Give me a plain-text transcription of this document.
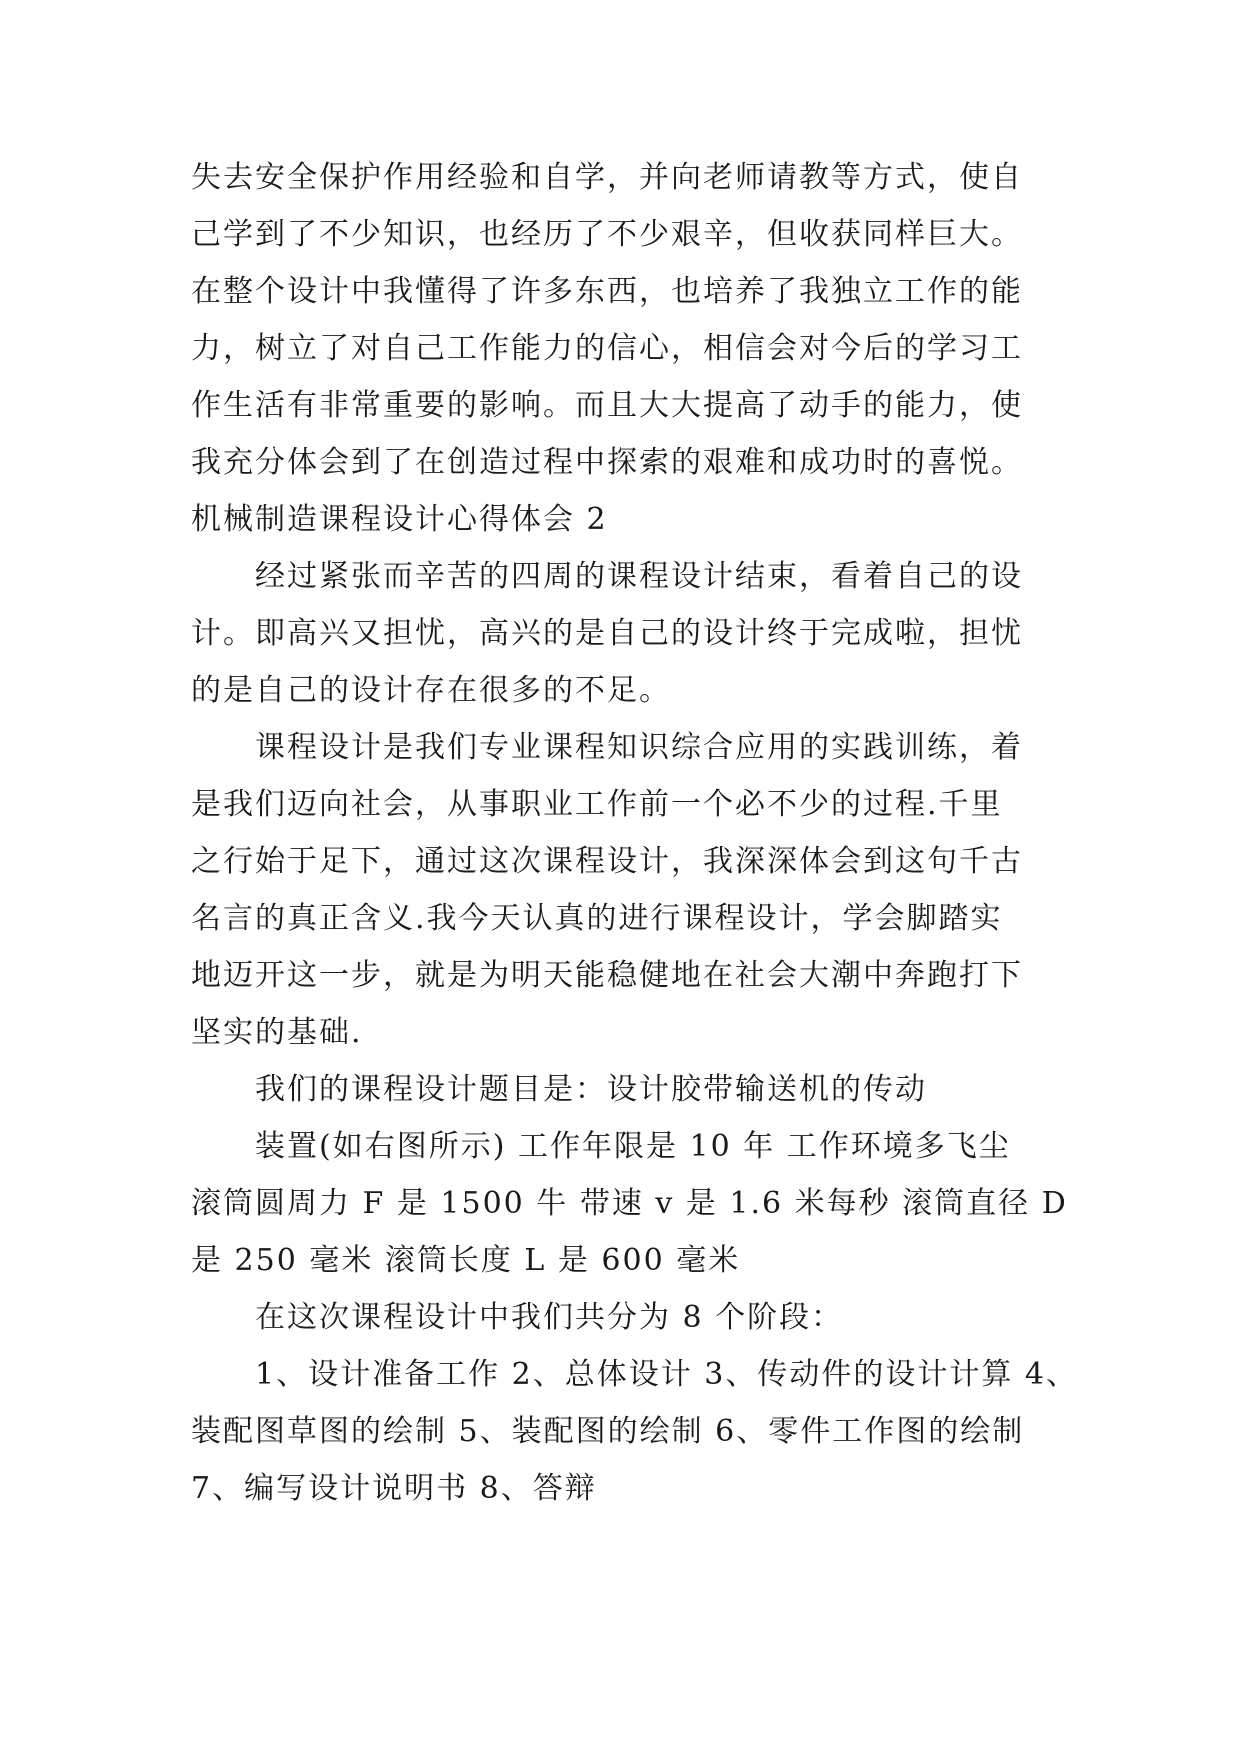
失去安全保护作用经验和自学，并向老师请教等方式，使自
己学到了不少知识，也经历了不少艰辛，但收获同样巨大。
在整个设计中我懂得了许多东西，也培养了我独立工作的能
力，树立了对自己工作能力的信心，相信会对今后的学习工
作生活有非常重要的影响。而且大大提高了动手的能力，使
我充分体会到了在创造过程中探索的艰难和成功时的喜悦。
机械制造课程设计心得体会 2
经过紧张而辛苦的四周的课程设计结束，看着自己的设
计。即高兴又担忧，高兴的是自己的设计终于完成啦，担忧
的是自己的设计存在很多的不足。
课程设计是我们专业课程知识综合应用的实践训练，着
是我们迈向社会，从事职业工作前一个必不少的过程.千里
之行始于足下，通过这次课程设计，我深深体会到这句千古
名言的真正含义.我今天认真的进行课程设计，学会脚踏实
地迈开这一步，就是为明天能稳健地在社会大潮中奔跑打下
坚实的基础.
我们的课程设计题目是：设计胶带输送机的传动
装置(如右图所示) 工作年限是 10 年 工作环境多飞尘
滚筒圆周力 F 是 1500 牛 带速 v 是 1.6 米每秒 滚筒直径 D
是 250 毫米 滚筒长度 L 是 600 毫米
在这次课程设计中我们共分为 8 个阶段：
1、设计准备工作 2、总体设计 3、传动件的设计计算 4、
装配图草图的绘制 5、装配图的绘制 6、零件工作图的绘制
7、编写设计说明书 8、答辩
